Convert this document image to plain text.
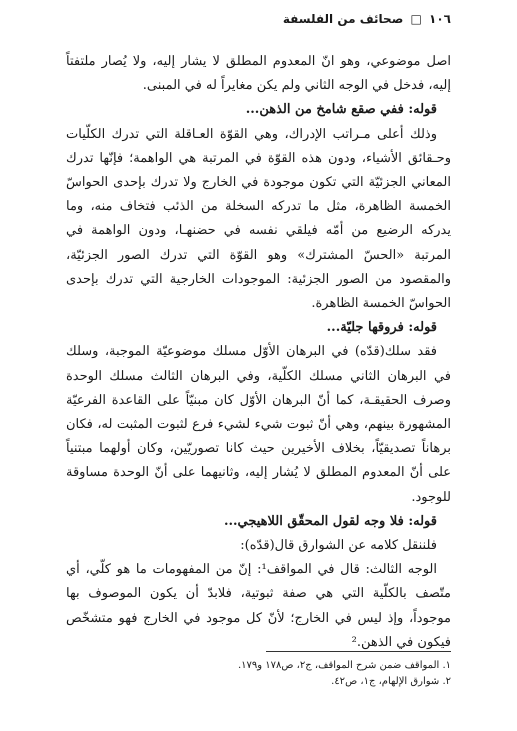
١٠٦ □ صحائف من الفلسفة

اصل موضوعي، وهو انّ المعدوم المطلق لا يشار إليه، ولا يُصار ملتفتاً إليه، فدخل في الوجه الثاني ولم يكن مغايراً له في المبنى.

قوله: ففي صقع شامخ من الذهن...

وذلك أعلى مـراتب الإدراك، وهي القوّة العـاقلة التي تدرك الكلّيات وحـقائق الأشياء، ودون هذه القوّة في المرتبة هي الواهمة؛ فإنّها تدرك المعاني الجزئيّة التي تكون موجودة في الخارج ولا تدرك بإحدى الحواسّ الخمسة الظاهرة، مثل ما تدركه السخلة من الذئب فتخاف منه، وما يدركه الرضيع من أمّه فيلقي نفسه في حضنهـا، ودون الواهمة في المرتبة «الحسّ المشترك» وهو القوّة التي تدرك الصور الجزئيّة، والمقصود من الصور الجزئية: الموجودات الخارجية التي تدرك بإحدى الحواسّ الخمسة الظاهرة.

قوله: فروقها جليّة...

فقد سلك(قدّه) في البرهان الأوّل مسلك موضوعيّة الموجبة، وسلك في البرهان الثاني مسلك الكلّية، وفي البرهان الثالث مسلك الوحدة وصرف الحقيقـة، كما أنّ البرهان الأوّل كان مبنيّاً على القاعدة الفرعيّة المشهورة بينهم، وهي أنّ ثبوت شيء لشيء فرع لثبوت المثبت له، فكان برهاناً تصديقيّاً، بخلاف الأخيرين حيث كانا تصوريّين، وكان أولهما مبتنياً على أنّ المعدوم المطلق لا يُشار إليه، وثانيهما على أنّ الوحدة مساوقة للوجود.

قوله: فلا وجه لقول المحقّق اللاهيجي...

فلننقل كلامه عن الشوارق قال(قدّه):

الوجه الثالث: قال في المواقف¹: إنّ من المفهومات ما هو كلّي، أي متّصف بالكلّية التي هي صفة ثبوتية، فلابدّ أن يكون الموصوف بها موجوداً، وإذ ليس في الخارج؛ لأنّ كل موجود في الخارج فهو متشخّص فيكون في الذهن.²

١. المواقف ضمن شرح المواقف، ج٢، ص١٧٨ و١٧٩.
٢. شوارق الإلهام، ج١، ص٤٢.
